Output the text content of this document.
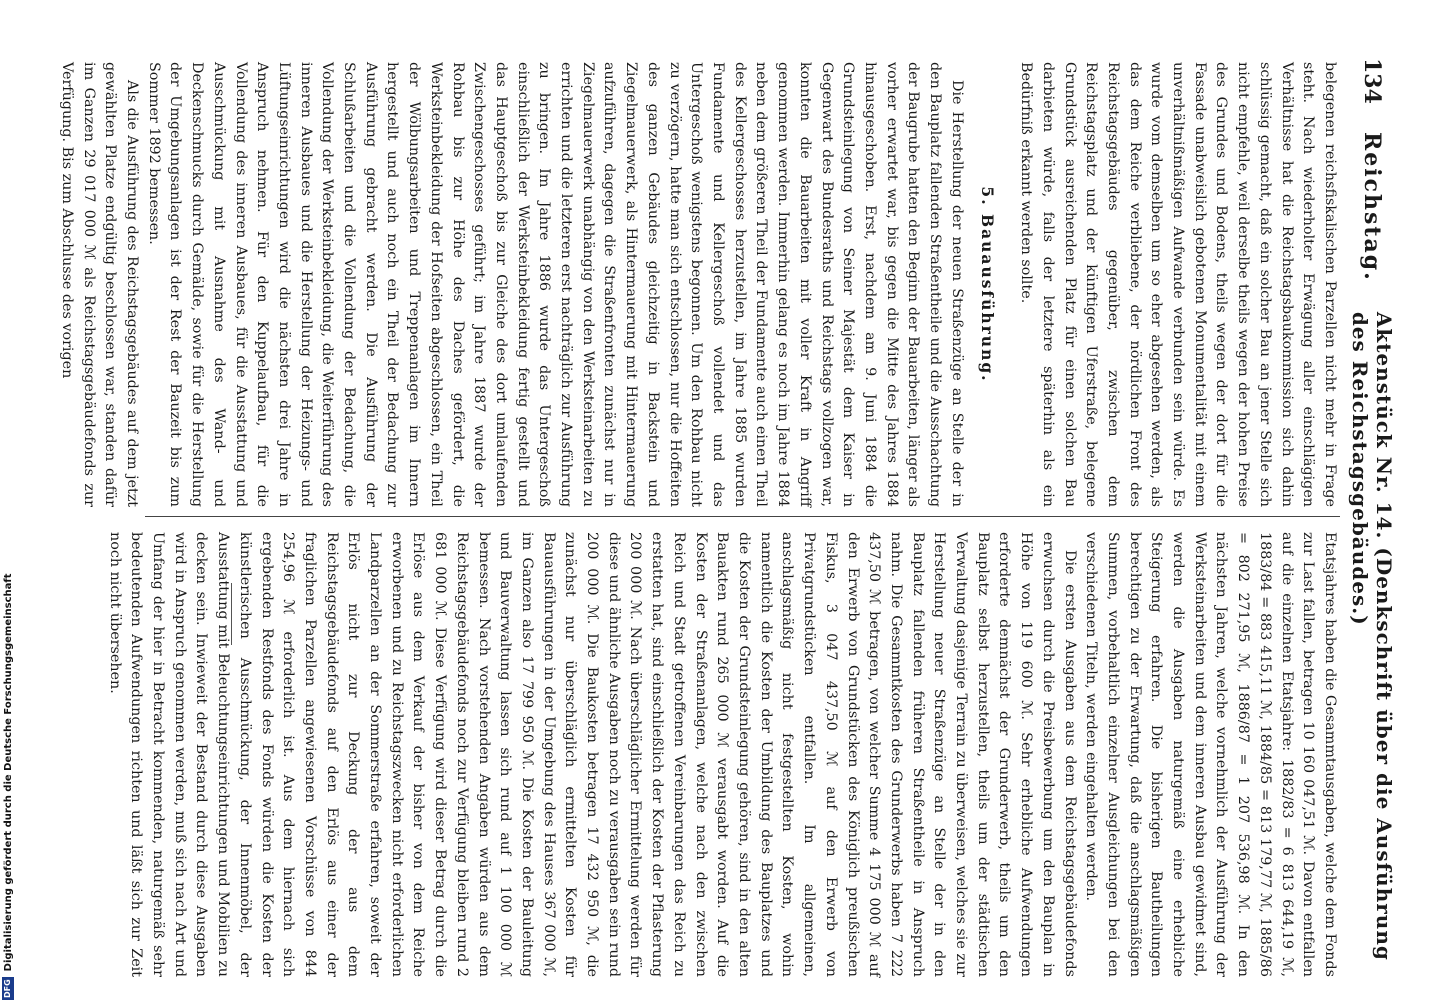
134
Reichstag.
Aktenstück Nr. 14. (Denkschrift über die Ausführung des Reichstagsgebäudes.)

belegenen reichsfiskalischen Parzellen nicht mehr in Frage steht. Nach wiederholter Erwägung aller einschlägigen Verhältnisse hat die Reichstagsbaukommission sich dahin schlüssig gemacht, daß ein solcher Bau an jener Stelle sich nicht empfehle, weil derselbe theils wegen der hohen Preise des Grundes und Bodens, theils wegen der dort für die Fassade unabweislich gebotenen Monumentalität mit einem unverhältnißmäßigen Aufwande verbunden sein würde. Es wurde vom demselben um so eher abgesehen werden, als das dem Reiche verbliebene, der nördlichen Front des Reichstagsgebäudes gegenüber, zwischen dem Reichstagsplatz und der künftigen Uferstraße, belegene Grundstück ausreichenden Platz für einen solchen Bau darbieten würde, falls der letztere späterhin als ein Bedürfniß erkannt werden sollte.

5. Bauausführung.

Die Herstellung der neuen Straßenzüge an Stelle der in den Bauplatz fallenden Straßentheile und die Ausschachtung der Baugrube hatten den Beginn der Bauarbeiten, länger als vorher erwartet war, bis gegen die Mitte des Jahres 1884 hinausgeschoben. Erst, nachdem am 9. Juni 1884 die Grundsteinlegung von Seiner Majestät dem Kaiser in Gegenwart des Bundesraths und Reichstags vollzogen war, konnten die Bauarbeiten mit voller Kraft in Angriff genommen werden. Immerhin gelang es noch im Jahre 1884 neben dem größeren Theil der Fundamente auch einen Theil des Kellergeschosses herzustellen, im Jahre 1885 wurden Fundamente und Kellergeschoß vollendet und das Untergeschoß wenigstens begonnen. Um den Rohbau nicht zu verzögern, hatte man sich entschlossen, nur die Hoffeiten des ganzen Gebäudes gleichzeitig in Backstein und Ziegelmauerwerk, als Hintermauerung mit Hintermauerung aufzuführen, dagegen die Straßenfronten zunächst nur in Ziegelmauerwerk unabhängig von den Werksteinarbeiten zu errichten und die letzteren erst nachträglich zur Ausführung zu bringen. Im Jahre 1886 wurde das Untergeschoß einschließlich der Werksteinbekleidung fertig gestellt und das Hauptgeschoß bis zur Gleiche des dort umlaufenden Zwischengeschosses geführt; im Jahre 1887 wurde der Rohbau bis zur Höhe des Daches gefördert, die Werksteinbekleidung der Hofseiten abgeschlossen, ein Theil der Wölbungsarbeiten und Treppenanlagen im Innern hergestellt und auch noch ein Theil der Bedachung zur Ausführung gebracht werden. Die Ausführung der Schlußarbeiten und die Vollendung der Bedachung, die Vollendung der Werksteinbekleidung, die Weiterführung des inneren Ausbaues und die Herstellung der Heizungs- und Lüftungseinrichtungen wird die nächsten drei Jahre in Anspruch nehmen. Für den Kuppelaufbau, für die Vollendung des inneren Ausbaues, für die Ausstattung und Ausschmückung mit Ausnahme des Wand- und Deckenschmucks durch Gemälde, sowie für die Herstellung der Umgebungsanlagen ist der Rest der Bauzeit bis zum Sommer 1892 bemessen.

Als die Ausführung des Reichstagsgebäudes auf dem jetzt gewählten Platze endgültig beschlossen war, standen dafür im Ganzen 29 017 000 ℳ als Reichstagsgebäudefonds zur Verfügung. Bis zum Abschlusse des vorigen

Etatsjahres haben die Gesammtausgaben, welche dem Fonds zur Last fallen, betragen 10 160 047,51 ℳ. Davon entfallen auf die einzelnen Etatsjahre: 1882/83 = 6 813 644,19 ℳ, 1883/84 = 883 415,11 ℳ, 1884/85 = 813 179,77 ℳ, 1885/86 = 802 271,95 ℳ, 1886/87 = 1 207 536,98 ℳ. In den nächsten Jahren, welche vornehmlich der Ausführung der Werksteinarbeiten und dem inneren Ausbau gewidmet sind, werden die Ausgaben naturgemäß eine erhebliche Steigerung erfahren. Die bisherigen Bautheilungen berechtigen zu der Erwartung, daß die anschlagsmäßigen Summen, vorbehaltlich einzelner Ausgleichungen bei den verschiedenen Titeln, werden eingehalten werden.

Die ersten Ausgaben aus dem Reichstagsgebäudefonds erwuchsen durch die Preisbewerbung um den Bauplan in Höhe von 119 600 ℳ. Sehr erhebliche Aufwendungen erforderte demnächst der Grunderwerb, theils um den Bauplatz selbst herzustellen, theils um der städtischen Verwaltung dasjenige Terrain zu überweisen, welches sie zur Herstellung neuer Straßenzüge an Stelle der in den Bauplatz fallenden früheren Straßentheile in Anspruch nahm. Die Gesammtkosten des Grunderwerbs haben 7 222 437,50 ℳ betragen, von welcher Summe 4 175 000 ℳ auf den Erwerb von Grundstücken des Königlich preußischen Fiskus, 3 047 437,50 ℳ auf den Erwerb von Privatgrundstücken entfallen. Im allgemeinen, anschlagsmäßig nicht festgestellten Kosten, wohin namentlich die Kosten der Umbildung des Bauplatzes und die Kosten der Grundsteinlegung gehören, sind in den alten Bauakten rund 265 000 ℳ verausgabt worden. Auf die Kosten der Straßenanlagen, welche nach den zwischen Reich und Stadt getroffenen Vereinbarungen das Reich zu erstatten hat, sind einschließlich der Kosten der Pflasterung 200 000 ℳ. Nach überschläglicher Ermittelung werden für diese und ähnliche Ausgaben noch zu verausgaben sein rund 200 000 ℳ. Die Baukosten betragen 17 432 950 ℳ, die zunächst nur überschläglich ermittelten Kosten für Bauausführungen in der Umgebung des Hauses 367 000 ℳ, im Ganzen also 17 799 950 ℳ. Die Kosten der Bauleitung und Bauverwaltung lassen sich rund auf 1 100 000 ℳ bemessen. Nach vorstehenden Angaben würden aus dem Reichstagsgebäudefonds noch zur Verfügung bleiben rund 2 681 000 ℳ. Diese Verfügung wird dieser Betrag durch die Erlöse aus dem Verkauf der bisher von dem Reiche erworbenen und zu Reichstagszwecken nicht erforderlichen Landparzellen an der Sommerstraße erfahren, soweit der Erlös nicht zur Deckung der aus dem Reichstagsgebäudefonds auf den Erlös aus einer der fraglichen Parzellen angewiesenen Vorschüsse von 844 254,96 ℳ erforderlich ist. Aus dem hiernach sich ergebenden Restfonds des Fonds würden die Kosten der künstlerischen Ausschmückung, der Innenmöbel, der Ausstattung mit Beleuchtungseinrichtungen und Mobilien zu decken sein. Inwieweit der Bestand durch diese Ausgaben wird in Anspruch genommen werden, muß sich nach Art und Umfang der hier in Betracht kommenden, naturgemäß sehr bedeutenden Aufwendungen richten und läßt sich zur Zeit noch nicht übersehen.

DFG
Digitalisierung gefördert durch die Deutsche Forschungsgemeinschaft
